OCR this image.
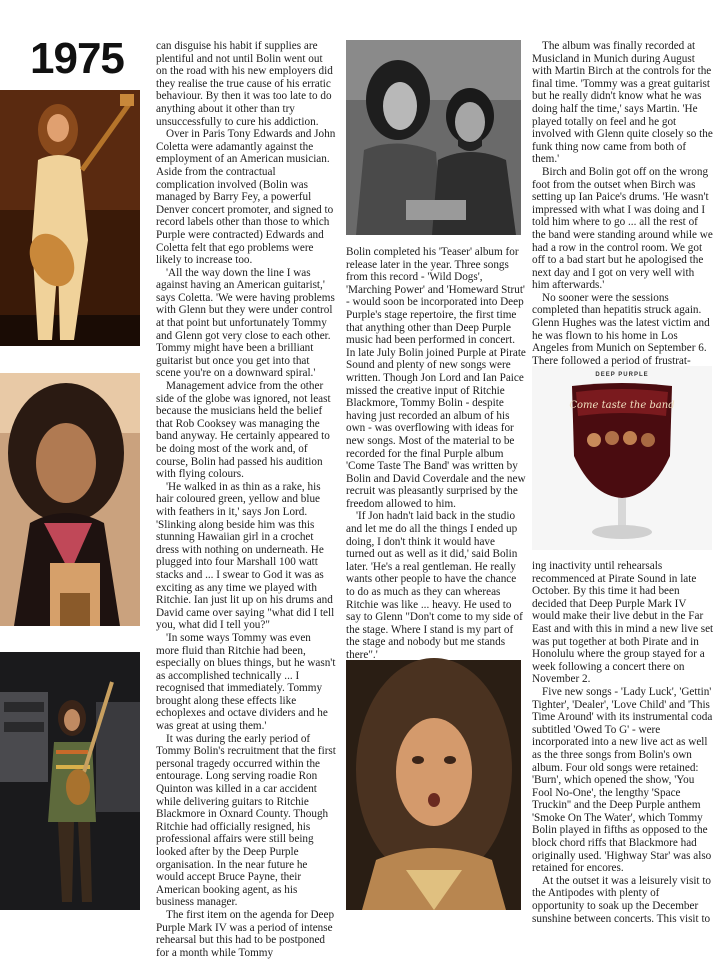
1975
DEEP PURPLE
Come taste the band

can disguise his habit if supplies are plentiful and not until Bolin went out on the road with his new employers did they realise the true cause of his erratic behaviour. By then it was too late to do anything about it other than try unsuccessfully to cure his addiction.

Over in Paris Tony Edwards and John Coletta were adamantly against the employment of an American musician. Aside from the contractual complication involved (Bolin was managed by Barry Fey, a powerful Denver concert promoter, and signed to record labels other than those to which Purple were contracted) Edwards and Coletta felt that ego problems were likely to increase too.

'All the way down the line I was against having an American guitarist,' says Coletta. 'We were having problems with Glenn but they were under control at that point but unfortunately Tommy and Glenn got very close to each other. Tommy might have been a brilliant guitarist but once you get into that scene you're on a downward spiral.'

Management advice from the other side of the globe was ignored, not least because the musicians held the belief that Rob Cooksey was managing the band anyway. He certainly appeared to be doing most of the work and, of course, Bolin had passed his audition with flying colours.

'He walked in as thin as a rake, his hair coloured green, yellow and blue with feathers in it,' says Jon Lord. 'Slinking along beside him was this stunning Hawaiian girl in a crochet dress with nothing on underneath. He plugged into four Marshall 100 watt stacks and ... I swear to God it was as exciting as any time we played with Ritchie. Ian just lit up on his drums and David came over saying "what did I tell you, what did I tell you?"

'In some ways Tommy was even more fluid than Ritchie had been, especially on blues things, but he wasn't as accomplished technically ... I recognised that immediately. Tommy brought along these effects like echoplexes and octave dividers and he was great at using them.'

It was during the early period of Tommy Bolin's recruitment that the first personal tragedy occurred within the entourage. Long serving roadie Ron Quinton was killed in a car accident while delivering guitars to Ritchie Blackmore in Oxnard County. Though Ritchie had officially resigned, his professional affairs were still being looked after by the Deep Purple organisation. In the near future he would accept Bruce Payne, their American booking agent, as his business manager.

The first item on the agenda for Deep Purple Mark IV was a period of intense rehearsal but this had to be postponed for a month while Tommy

Bolin completed his 'Teaser' album for release later in the year. Three songs from this record - 'Wild Dogs', 'Marching Power' and 'Homeward Strut' - would soon be incorporated into Deep Purple's stage repertoire, the first time that anything other than Deep Purple music had been performed in concert. In late July Bolin joined Purple at Pirate Sound and plenty of new songs were written. Though Jon Lord and Ian Paice missed the creative input of Ritchie Blackmore, Tommy Bolin - despite having just recorded an album of his own - was overflowing with ideas for new songs. Most of the material to be recorded for the final Purple album 'Come Taste The Band' was written by Bolin and David Coverdale and the new recruit was pleasantly surprised by the freedom allowed to him.

'If Jon hadn't laid back in the studio and let me do all the things I ended up doing, I don't think it would have turned out as well as it did,' said Bolin later. 'He's a real gentleman. He really wants other people to have the chance to do as much as they can whereas Ritchie was like ... heavy. He used to say to Glenn "Don't come to my side of the stage. Where I stand is my part of the stage and nobody but me stands there".'

The album was finally recorded at Musicland in Munich during August with Martin Birch at the controls for the final time. 'Tommy was a great guitarist but he really didn't know what he was doing half the time,' says Martin. 'He played totally on feel and he got involved with Glenn quite closely so the funk thing now came from both of them.'

Birch and Bolin got off on the wrong foot from the outset when Birch was setting up Ian Paice's drums. 'He wasn't impressed with what I was doing and I told him where to go ... all the rest of the band were standing around while we had a row in the control room. We got off to a bad start but he apologised the next day and I got on very well with him afterwards.'

No sooner were the sessions completed than hepatitis struck again. Glenn Hughes was the latest victim and he was flown to his home in Los Angeles from Munich on September 6. There followed a period of frustrat-

ing inactivity until rehearsals recommenced at Pirate Sound in late October. By this time it had been decided that Deep Purple Mark IV would make their live debut in the Far East and with this in mind a new live set was put together at both Pirate and in Honolulu where the group stayed for a week following a concert there on November 2.

Five new songs - 'Lady Luck', 'Gettin' Tighter', 'Dealer', 'Love Child' and 'This Time Around' with its instrumental coda subtitled 'Owed To G' - were incorporated into a new live act as well as the three songs from Bolin's own album. Four old songs were retained: 'Burn', which opened the show, 'You Fool No-One', the lengthy 'Space Truckin'' and the Deep Purple anthem 'Smoke On The Water', which Tommy Bolin played in fifths as opposed to the block chord riffs that Blackmore had originally used. 'Highway Star' was also retained for encores.

At the outset it was a leisurely visit to the Antipodes with plenty of opportunity to soak up the December sunshine between concerts. This visit to
